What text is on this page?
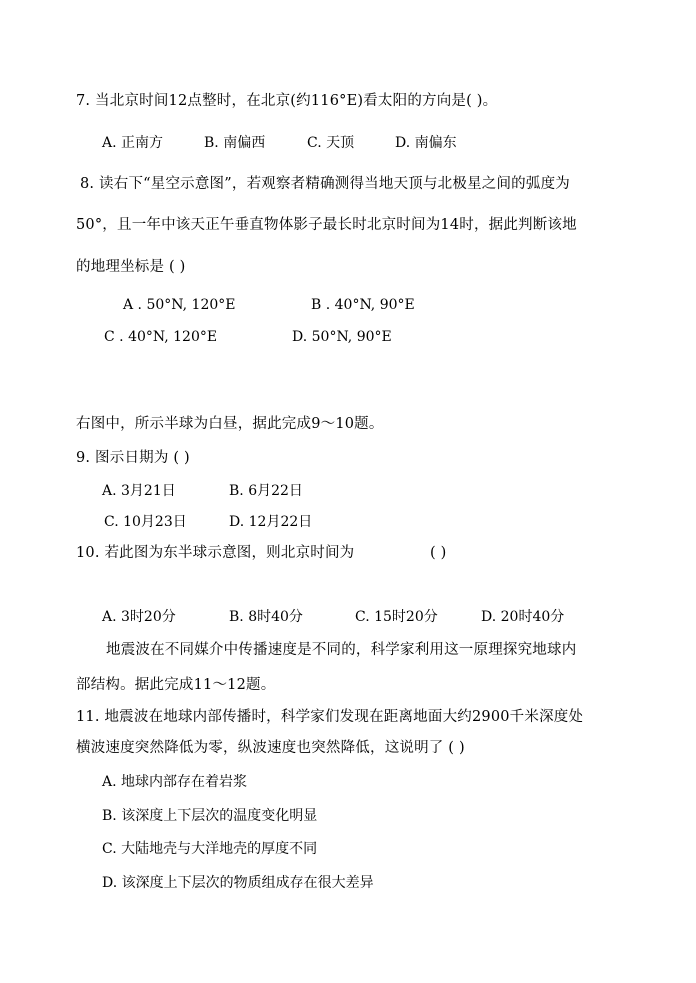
7. 当北京时间12点整时，在北京(约116°E)看太阳的方向是( )。
A. 正南方	B. 南偏西	C. 天顶	D. 南偏东
8. 读右下“星空示意图”，若观察者精确测得当地天顶与北极星之间的弧度为
50°，且一年中该天正午垂直物体影子最长时北京时间为14时，据此判断该地
的地理坐标是 ( )
A . 50°N, 120°E	B . 40°N, 90°E
C . 40°N, 120°E	D. 50°N, 90°E
右图中，所示半球为白昼，据此完成9～10题。
9. 图示日期为 ( )
A. 3月21日	B. 6月22日
C. 10月23日	D. 12月22日
10. 若此图为东半球示意图，则北京时间为	( )
A. 3时20分	B. 8时40分	C. 15时20分	D. 20时40分
地震波在不同媒介中传播速度是不同的，科学家利用这一原理探究地球内
部结构。据此完成11～12题。
11. 地震波在地球内部传播时，科学家们发现在距离地面大约2900千米深度处
横波速度突然降低为零，纵波速度也突然降低，这说明了 ( )
A. 地球内部存在着岩浆
B. 该深度上下层次的温度变化明显
C. 大陆地壳与大洋地壳的厚度不同
D. 该深度上下层次的物质组成存在很大差异
